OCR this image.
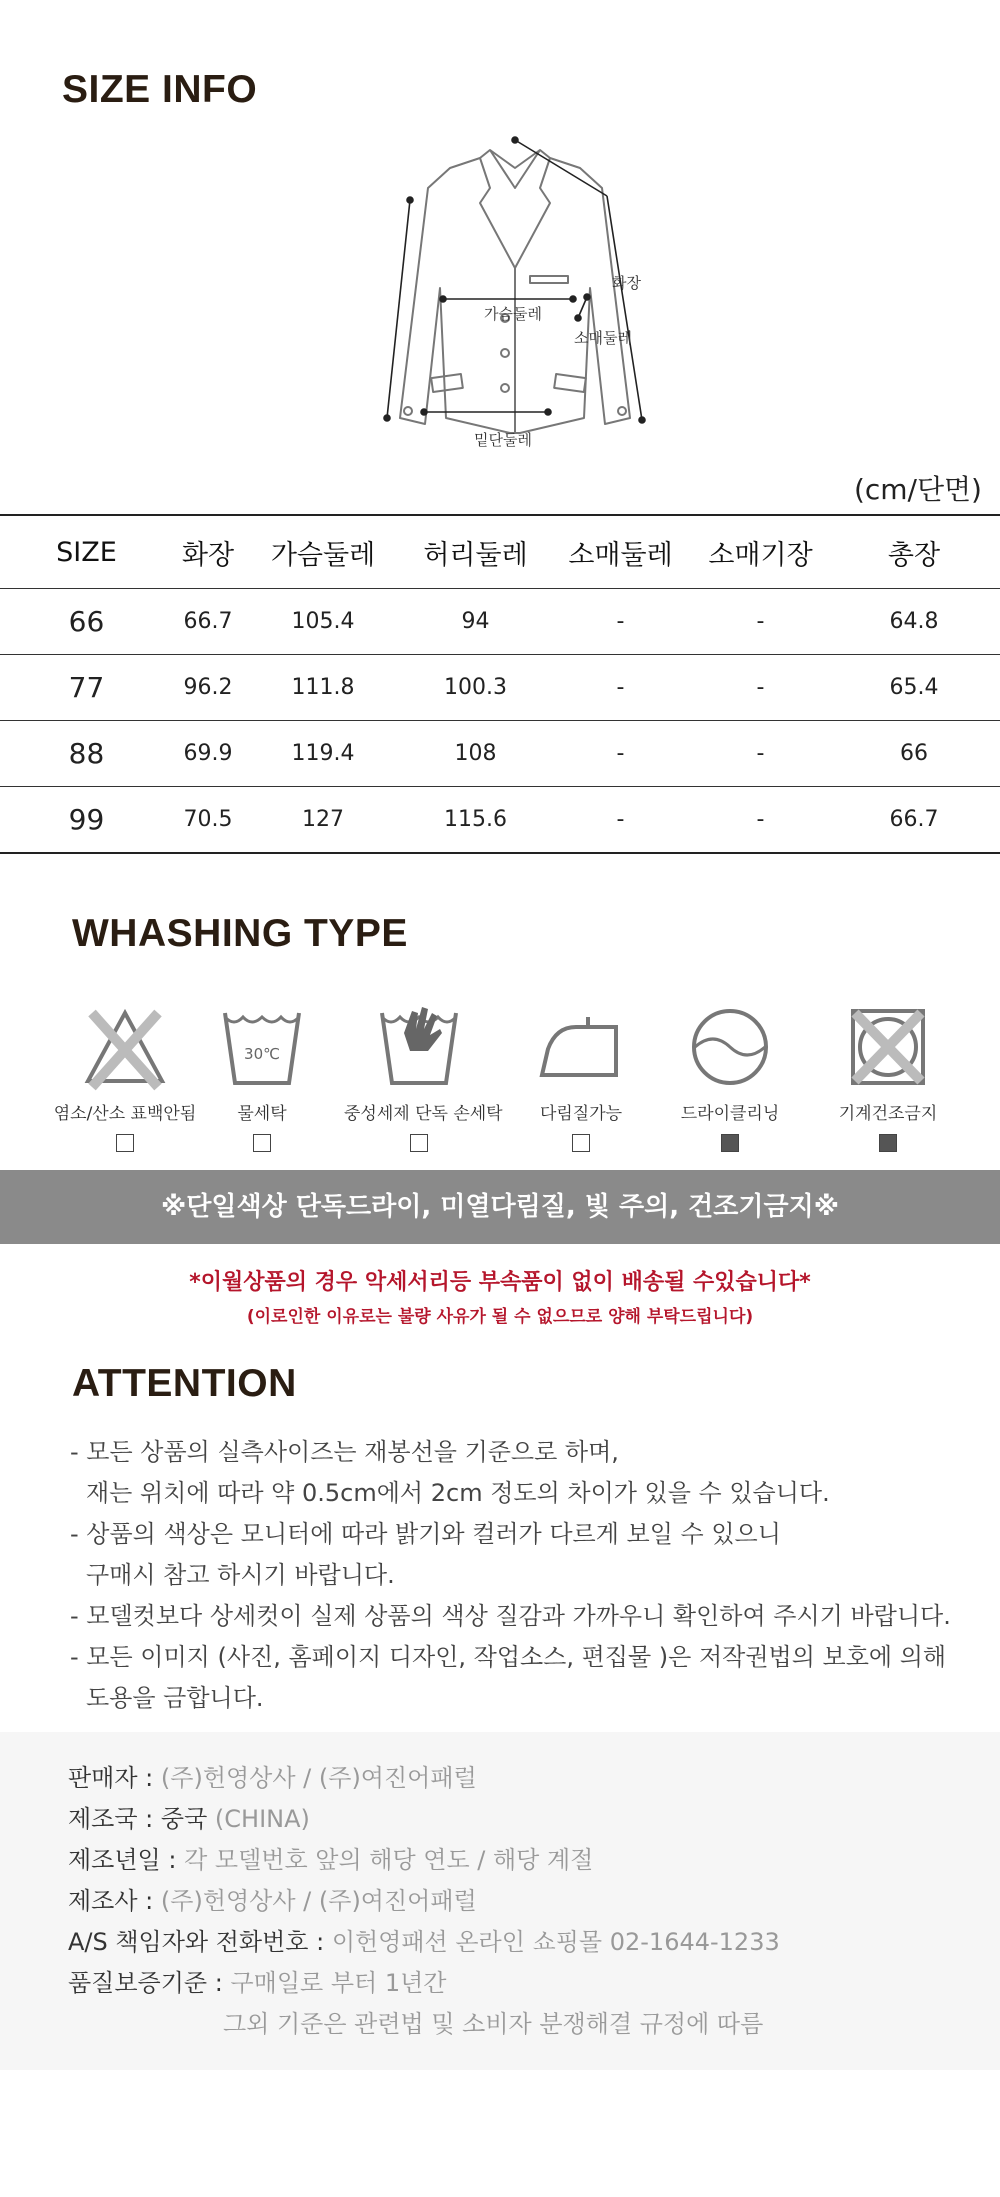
SIZE INFO
화장
가슴둘레
소매둘레
밑단둘레
(cm/단면)
SIZE	화장	가슴둘레	허리둘레	소매둘레	소매기장	총장
66	66.7	105.4	94	-	-	64.8
77	96.2	111.8	100.3	-	-	65.4
88	69.9	119.4	108	-	-	66
99	70.5	127	115.6	-	-	66.7
WHASHING TYPE
염소/산소 표백안됨
30℃
물세탁	중성세제 단독 손세탁	다림질가능	드라이클리닝	기계건조금지
※단일색상 단독드라이, 미열다림질, 빛 주의, 건조기금지※
*이월상품의 경우 악세서리등 부속품이 없이 배송될 수있습니다*
(이로인한 이유로는 불량 사유가 될 수 없으므로 양해 부탁드립니다)
ATTENTION
- 모든 상품의 실측사이즈는 재봉선을 기준으로 하며,
재는 위치에 따라 약 0.5cm에서 2cm 정도의 차이가 있을 수 있습니다.
- 상품의 색상은 모니터에 따라 밝기와 컬러가 다르게 보일 수 있으니
구매시 참고 하시기 바랍니다.
- 모델컷보다 상세컷이 실제 상품의 색상 질감과 가까우니 확인하여 주시기 바랍니다.
- 모든 이미지 (사진, 홈페이지 디자인, 작업소스, 편집물 )은 저작권법의 보호에 의해
도용을 금합니다.
판매자 : (주)헌영상사 / (주)여진어패럴
제조국 : 중국 (CHINA)
제조년일 : 각 모델번호 앞의 해당 연도 / 해당 계절
제조사 : (주)헌영상사 / (주)여진어패럴
A/S 책임자와 전화번호 : 이헌영패션 온라인 쇼핑몰 02-1644-1233
품질보증기준 : 구매일로 부터 1년간
그외 기준은 관련법 및 소비자 분쟁해결 규정에 따름
